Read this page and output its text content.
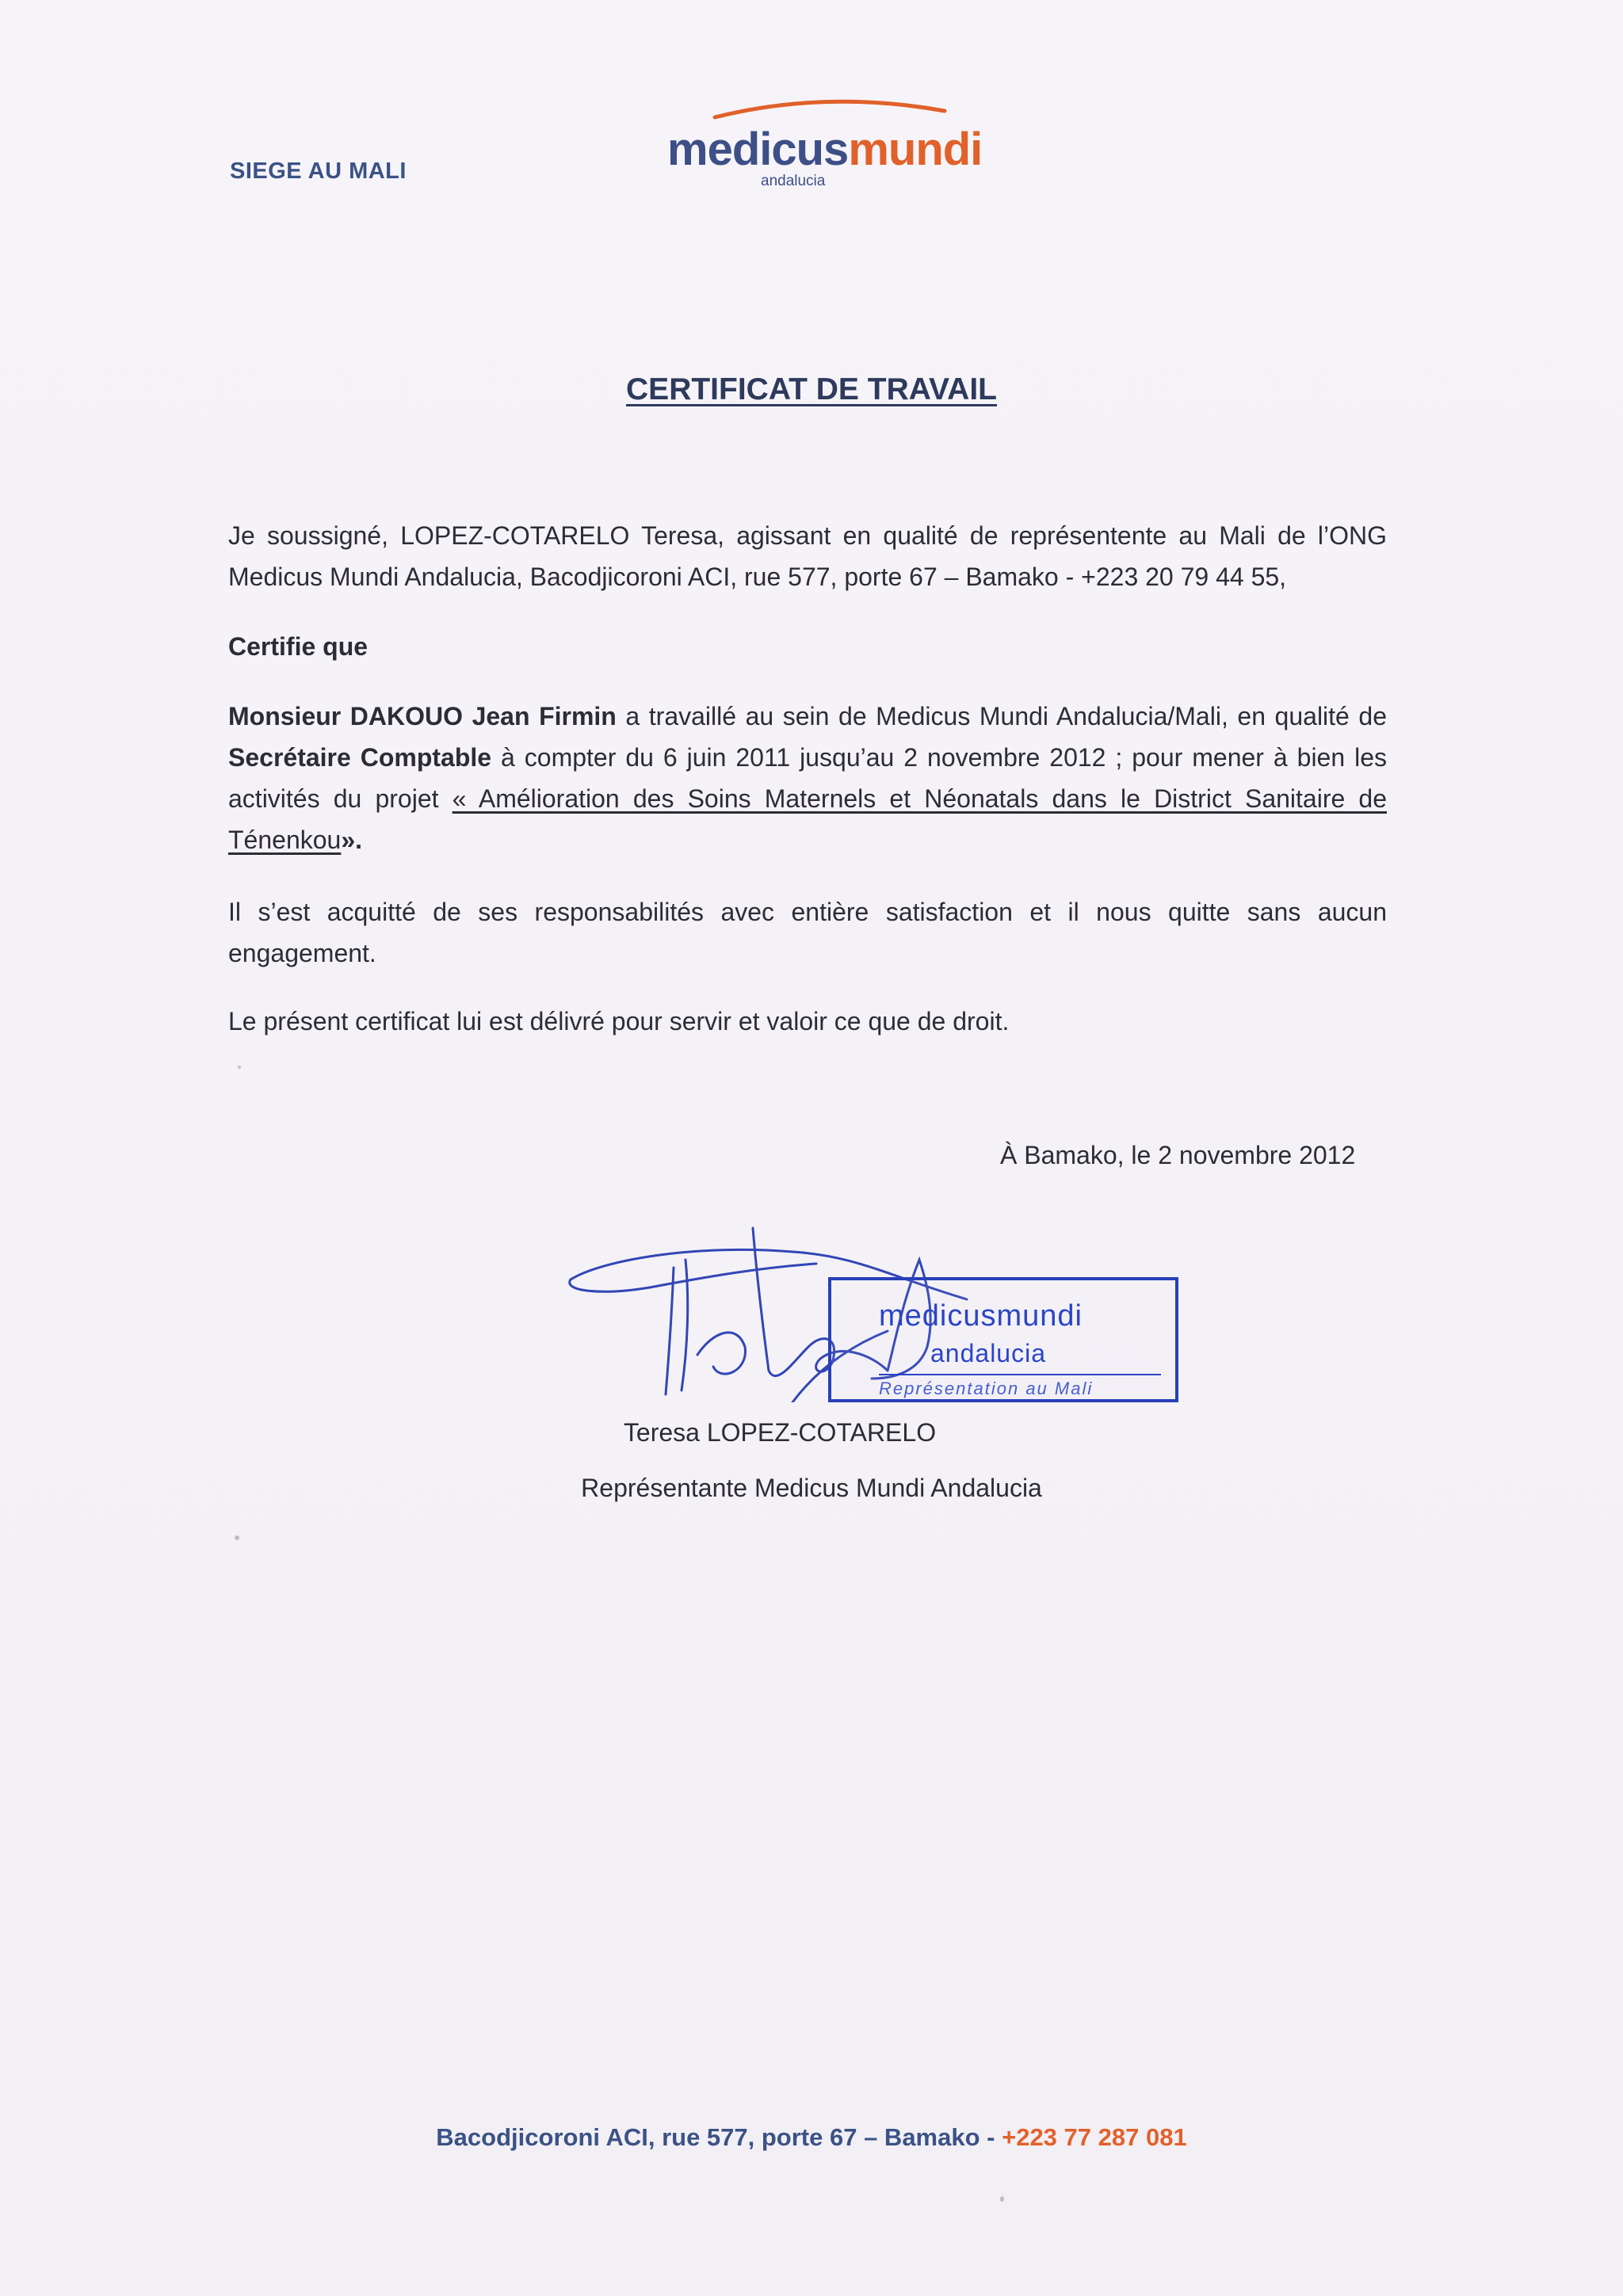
SIEGE AU MALI	medicusmundi
andalucia
CERTIFICAT DE TRAVAIL
Je soussigné, LOPEZ-COTARELO Teresa, agissant en qualité de représentente au Mali de l’ONG Medicus Mundi Andalucia, Bacodjicoroni ACI, rue 577, porte 67 – Bamako - +223 20 79 44 55,
Certifie que
Monsieur DAKOUO Jean Firmin a travaillé au sein de Medicus Mundi Andalucia/Mali, en qualité de Secrétaire Comptable à compter du 6 juin 2011 jusqu’au 2 novembre 2012 ; pour mener à bien les activités du projet « Amélioration des Soins Maternels et Néonatals dans le District Sanitaire de Ténenkou».
Il s’est acquitté de ses responsabilités avec entière satisfaction et il nous quitte sans aucun engagement.
Le présent certificat lui est délivré pour servir et valoir ce que de droit.
À Bamako, le 2 novembre 2012
medicusmundi
andalucia
Représentation au Mali
Teresa LOPEZ-COTARELO
Représentante Medicus Mundi Andalucia
Bacodjicoroni ACI, rue 577, porte 67 – Bamako - +223 77 287 081
